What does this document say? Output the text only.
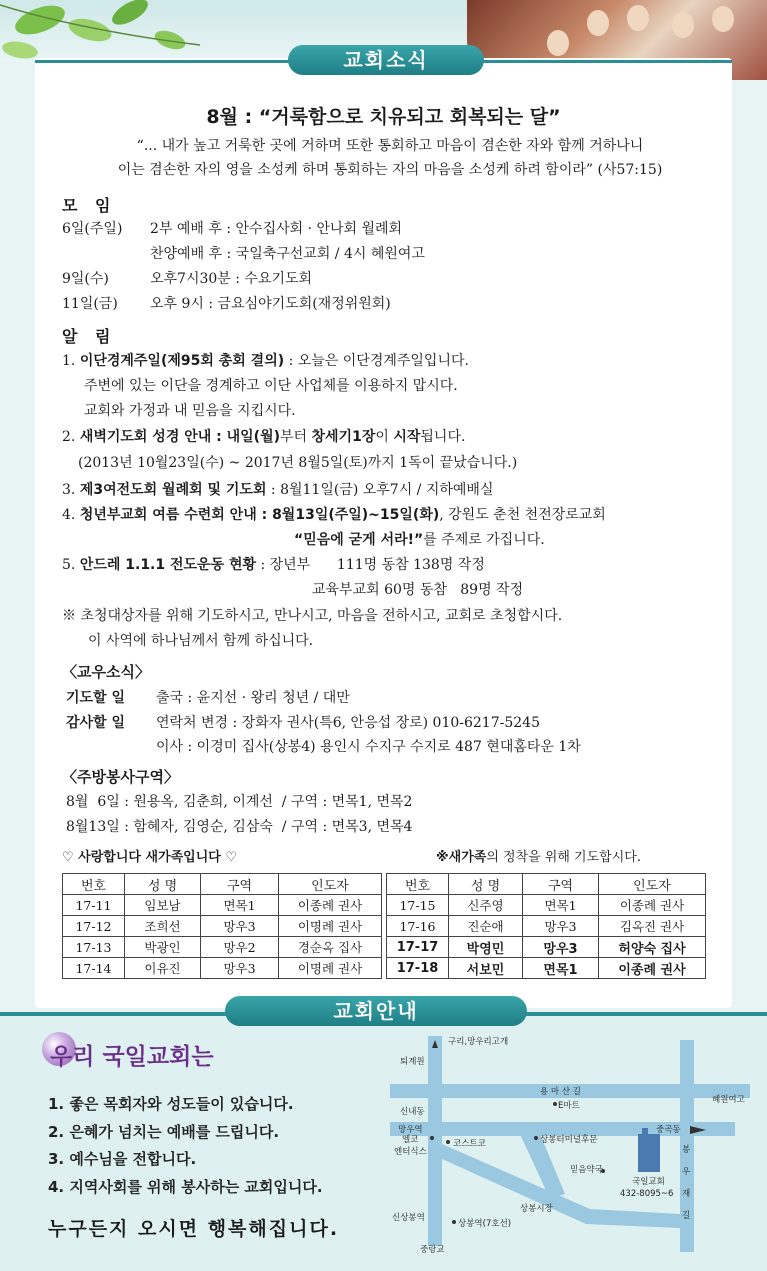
교회소식
8월 : “거룩함으로 치유되고 회복되는 달”
“... 내가 높고 거룩한 곳에 거하며 또한 통회하고 마음이 겸손한 자와 함께 거하나니
이는 겸손한 자의 영을 소성케 하며 통회하는 자의 마음을 소성케 하려 함이라” (사57:15)
모 임
6일(주일) 2부 예배 후 : 안수집사회 · 안나회 월례회
찬양예배 후 : 국일축구선교회 / 4시 혜원여고
9일(수)	오후7시30분 : 수요기도회
11일(금) 오후 9시 : 금요심야기도회(재정위원회)
알 림
1. 이단경계주일(제95회 총회 결의) : 오늘은 이단경계주일입니다.
주변에 있는 이단을 경계하고 이단 사업체를 이용하지 맙시다.
교회와 가정과 내 믿음을 지킵시다.
2. 새벽기도회 성경 안내 : 내일(월)부터 창세기1장이 시작됩니다.
(2013년 10월23일(수) ~ 2017년 8월5일(토)까지 1독이 끝났습니다.)
3. 제3여전도회 월례회 및 기도회 : 8월11일(금) 오후7시 / 지하예배실
4. 청년부교회 여름 수련회 안내 : 8월13일(주일)~15일(화), 강원도 춘천 천전장로교회
“믿음에 굳게 서라!”를 주제로 가집니다.
5. 안드레 1.1.1 전도운동 현황 : 장년부      111명 동참 138명 작정
교육부교회 60명 동참   89명 작정
※ 초청대상자를 위해 기도하시고, 만나시고, 마음을 전하시고, 교회로 초청합시다.
이 사역에 하나님께서 함께 하십니다.
〈교우소식〉
기도할 일 출국 : 윤지선 · 왕리 청년 / 대만
감사할 일 연락처 변경 : 장화자 권사(특6, 안응섭 장로) 010-6217-5245
이사 : 이경미 집사(상봉4) 용인시 수지구 수지로 487 현대홈타운 1차
〈주방봉사구역〉
8월  6일 : 원용옥, 김춘희, 이계선  / 구역 : 면목1, 면목2
8월13일 : 함혜자, 김영순, 김삼숙  / 구역 : 면목3, 면목4
♡ 사랑합니다 새가족입니다 ♡	※새가족의 정착을 위해 기도합시다.
번호	성 명	구역	인도자
17-11	임보남	면목1	이종례 권사
17-12	조희선	망우3	이명례 권사
17-13	박광인	망우2	경순옥 집사
17-14	이유진	망우3	이명례 권사
번호	성 명	구역	인도자
17-15	신주영	면목1	이종례 권사
17-16	진순애	망우3	김옥진 권사
17-17	박영민	망우3	허양숙 집사
17-18	서보민	면목1	이종례 권사
교회안내
우리 국일교회는
1. 좋은 목회자와 성도들이 있습니다.
2. 은혜가 넘치는 예배를 드립니다.
3. 예수님을 전합니다.
4. 지역사회를 위해 봉사하는 교회입니다.
누구든지 오시면 행복해집니다.
구리,망우리고개
퇴계원
용 마 산 길
신내동
혜원여고
E마트
망우역	중곡동
엘코
엔터식스
코스트코	상봉터미널후문
믿음약국
국일교회
432-8095~6
봉
우
재
길
상봉시장
신상봉역
상봉역(7호선)
중랑교
